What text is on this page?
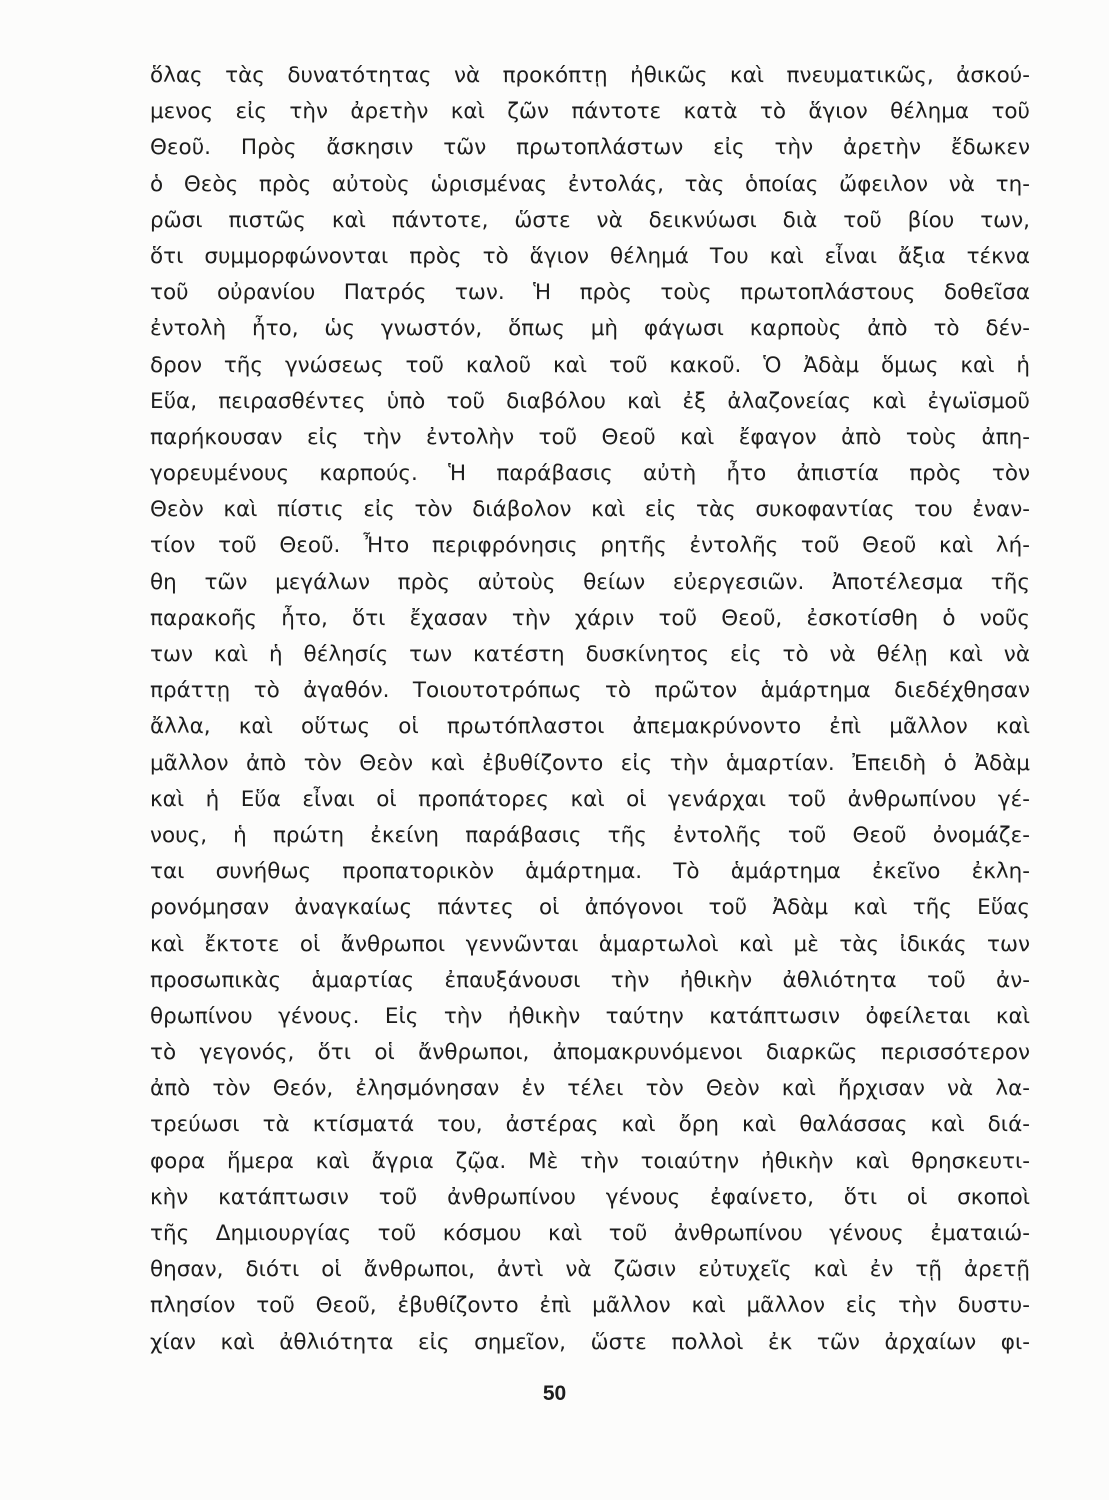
ὅλας τὰς δυνατότητας νὰ προκόπτῃ ἠθικῶς καὶ πνευματικῶς, ἀσκού-
μενος εἰς τὴν ἀρετὴν καὶ ζῶν πάντοτε κατὰ τὸ ἅγιον θέλημα τοῦ
Θεοῦ. Πρὸς ἄσκησιν τῶν πρωτοπλάστων εἰς τὴν ἀρετὴν ἔδωκεν
ὁ Θεὸς πρὸς αὐτοὺς ὡρισμένας ἐντολάς, τὰς ὁποίας ὤφειλον νὰ τη-
ρῶσι πιστῶς καὶ πάντοτε, ὥστε νὰ δεικνύωσι διὰ τοῦ βίου των,
ὅτι συμμορφώνονται πρὸς τὸ ἅγιον θέλημά Του καὶ εἶναι ἄξια τέκνα
τοῦ οὐρανίου Πατρός των. Ἡ πρὸς τοὺς πρωτοπλάστους δοθεῖσα
ἐντολὴ ἦτο, ὡς γνωστόν, ὅπως μὴ φάγωσι καρποὺς ἀπὸ τὸ δέν-
δρον τῆς γνώσεως τοῦ καλοῦ καὶ τοῦ κακοῦ. Ὁ Ἀδὰμ ὅμως καὶ ἡ
Εὕα, πειρασθέντες ὑπὸ τοῦ διαβόλου καὶ ἐξ ἀλαζονείας καὶ ἐγωϊσμοῦ
παρήκουσαν εἰς τὴν ἐντολὴν τοῦ Θεοῦ καὶ ἔφαγον ἀπὸ τοὺς ἀπη-
γορευμένους καρπούς. Ἡ παράβασις αὐτὴ ἦτο ἀπιστία πρὸς τὸν
Θεὸν καὶ πίστις εἰς τὸν διάβολον καὶ εἰς τὰς συκοφαντίας του ἐναν-
τίον τοῦ Θεοῦ. Ἦτο περιφρόνησις ρητῆς ἐντολῆς τοῦ Θεοῦ καὶ λή-
θη τῶν μεγάλων πρὸς αὐτοὺς θείων εὐεργεσιῶν. Ἀποτέλεσμα τῆς
παρακοῆς ἦτο, ὅτι ἔχασαν τὴν χάριν τοῦ Θεοῦ, ἐσκοτίσθη ὁ νοῦς
των καὶ ἡ θέλησίς των κατέστη δυσκίνητος εἰς τὸ νὰ θέλῃ καὶ νὰ
πράττῃ τὸ ἀγαθόν. Τοιουτοτρόπως τὸ πρῶτον ἁμάρτημα διεδέχθησαν
ἄλλα, καὶ οὕτως οἱ πρωτόπλαστοι ἀπεμακρύνοντο ἐπὶ μᾶλλον καὶ
μᾶλλον ἀπὸ τὸν Θεὸν καὶ ἐβυθίζοντο εἰς τὴν ἁμαρτίαν. Ἐπειδὴ ὁ Ἀδὰμ
καὶ ἡ Εὕα εἶναι οἱ προπάτορες καὶ οἱ γενάρχαι τοῦ ἀνθρωπίνου γέ-
νους, ἡ πρώτη ἐκείνη παράβασις τῆς ἐντολῆς τοῦ Θεοῦ ὀνομάζε-
ται συνήθως προπατορικὸν ἁμάρτημα. Τὸ ἁμάρτημα ἐκεῖνο ἐκλη-
ρονόμησαν ἀναγκαίως πάντες οἱ ἀπόγονοι τοῦ Ἀδὰμ καὶ τῆς Εὕας
καὶ ἔκτοτε οἱ ἄνθρωποι γεννῶνται ἁμαρτωλοὶ καὶ μὲ τὰς ἰδικάς των
προσωπικὰς ἁμαρτίας ἐπαυξάνουσι τὴν ἠθικὴν ἀθλιότητα τοῦ ἀν-
θρωπίνου γένους. Εἰς τὴν ἠθικὴν ταύτην κατάπτωσιν ὀφείλεται καὶ
τὸ γεγονός, ὅτι οἱ ἄνθρωποι, ἀπομακρυνόμενοι διαρκῶς περισσότερον
ἀπὸ τὸν Θεόν, ἐλησμόνησαν ἐν τέλει τὸν Θεὸν καὶ ἤρχισαν νὰ λα-
τρεύωσι τὰ κτίσματά του, ἀστέρας καὶ ὄρη καὶ θαλάσσας καὶ διά-
φορα ἥμερα καὶ ἄγρια ζῷα. Μὲ τὴν τοιαύτην ἠθικὴν καὶ θρησκευτι-
κὴν κατάπτωσιν τοῦ ἀνθρωπίνου γένους ἐφαίνετο, ὅτι οἱ σκοποὶ
τῆς Δημιουργίας τοῦ κόσμου καὶ τοῦ ἀνθρωπίνου γένους ἐματαιώ-
θησαν, διότι οἱ ἄνθρωποι, ἀντὶ νὰ ζῶσιν εὐτυχεῖς καὶ ἐν τῇ ἀρετῇ
πλησίον τοῦ Θεοῦ, ἐβυθίζοντο ἐπὶ μᾶλλον καὶ μᾶλλον εἰς τὴν δυστυ-
χίαν καὶ ἀθλιότητα εἰς σημεῖον, ὥστε πολλοὶ ἐκ τῶν ἀρχαίων φι-
50
